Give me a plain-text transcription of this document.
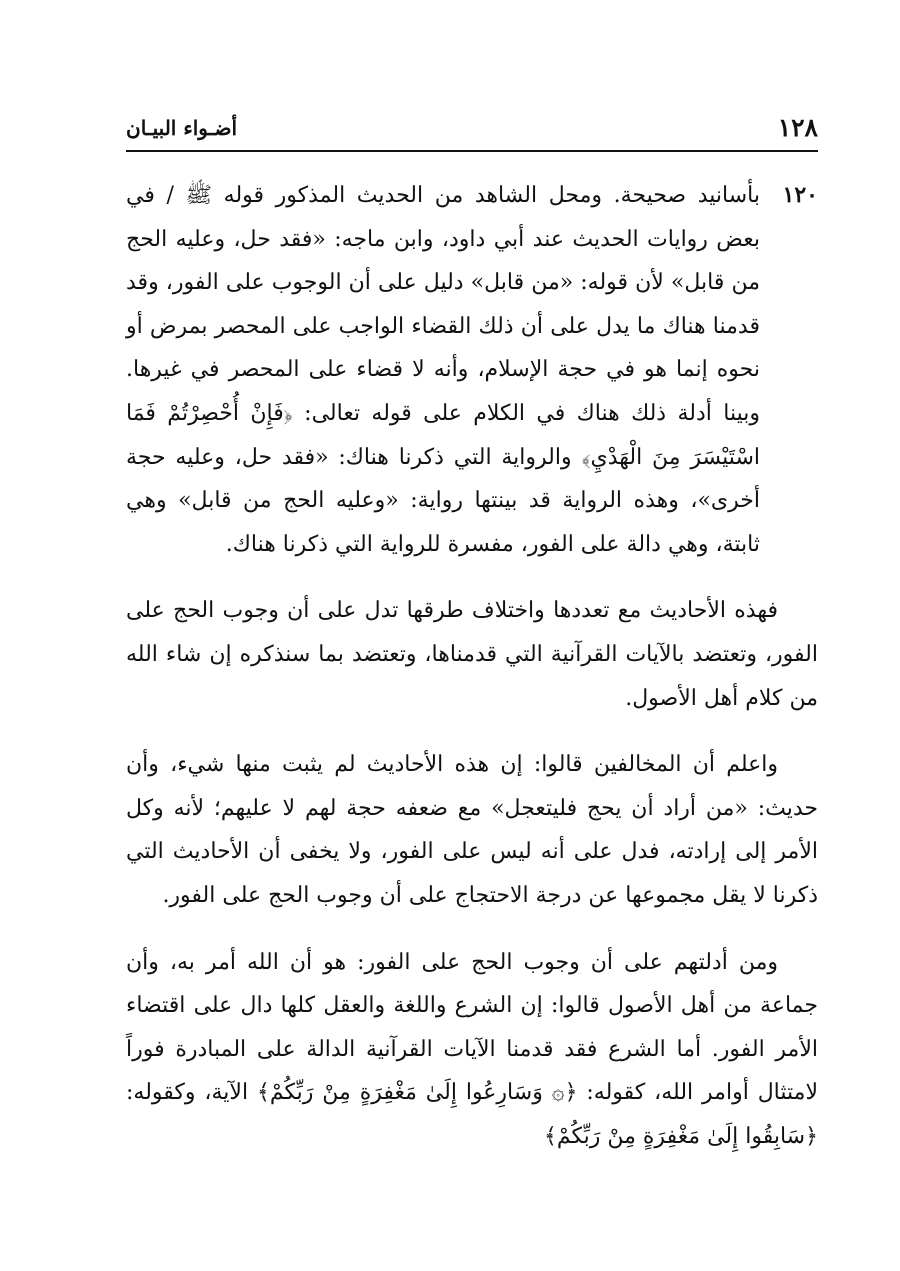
١٢٨
أضـواء البيـان

١٢٠
بأسانيد صحيحة. ومحل الشاهد من الحديث المذكور قوله ﷺ / في بعض روايات الحديث عند أبي داود، وابن ماجه: «فقد حل، وعليه الحج من قابل» لأن قوله: «من قابل» دليل على أن الوجوب على الفور، وقد قدمنا هناك ما يدل على أن ذلك القضاء الواجب على المحصر بمرض أو نحوه إنما هو في حجة الإسلام، وأنه لا قضاء على المحصر في غيرها. وبينا أدلة ذلك هناك في الكلام على قوله تعالى: ﴿فَإِنْ أُحْصِرْتُمْ فَمَا اسْتَيْسَرَ مِنَ الْهَدْيِ﴾ والرواية التي ذكرنا هناك: «فقد حل، وعليه حجة أخرى»، وهذه الرواية قد بينتها رواية: «وعليه الحج من قابل» وهي ثابتة، وهي دالة على الفور، مفسرة للرواية التي ذكرنا هناك.

فهذه الأحاديث مع تعددها واختلاف طرقها تدل على أن وجوب الحج على الفور، وتعتضد بالآيات القرآنية التي قدمناها، وتعتضد بما سنذكره إن شاء الله من كلام أهل الأصول.

واعلم أن المخالفين قالوا: إن هذه الأحاديث لم يثبت منها شيء، وأن حديث: «من أراد أن يحج فليتعجل» مع ضعفه حجة لهم لا عليهم؛ لأنه وكل الأمر إلى إرادته، فدل على أنه ليس على الفور، ولا يخفى أن الأحاديث التي ذكرنا لا يقل مجموعها عن درجة الاحتجاج على أن وجوب الحج على الفور.

ومن أدلتهم على أن وجوب الحج على الفور: هو أن الله أمر به، وأن جماعة من أهل الأصول قالوا: إن الشرع واللغة والعقل كلها دال على اقتضاء الأمر الفور. أما الشرع فقد قدمنا الآيات القرآنية الدالة على المبادرة فوراً لامتثال أوامر الله، كقوله: ﴿۞ وَسَارِعُوا إِلَىٰ مَغْفِرَةٍ مِنْ رَبِّكُمْ﴾ الآية، وكقوله: ﴿سَابِقُوا إِلَىٰ مَغْفِرَةٍ مِنْ رَبِّكُمْ﴾
